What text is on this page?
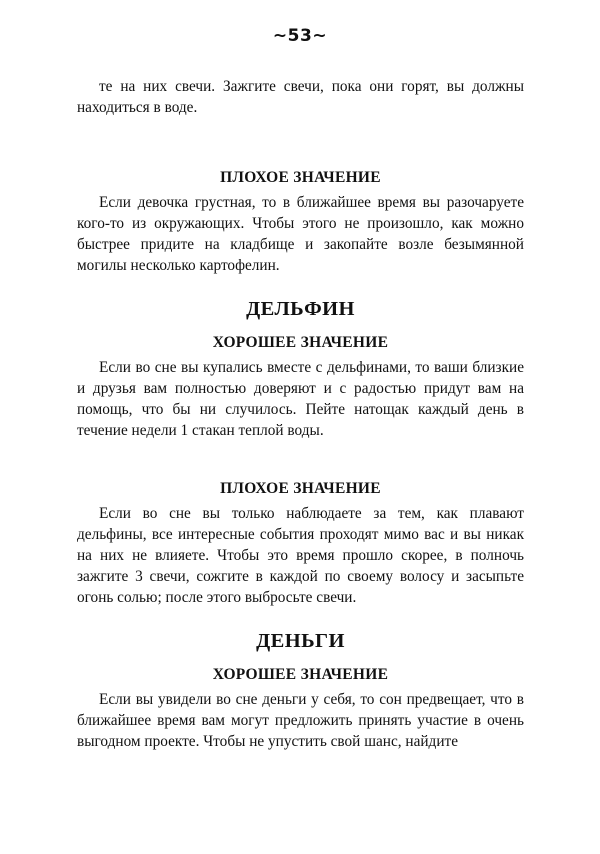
~53~

те на них свечи. Зажгите свечи, пока они горят, вы должны находиться в воде.

ПЛОХОЕ ЗНАЧЕНИЕ

Если девочка грустная, то в ближайшее время вы разочаруете кого-то из окружающих. Чтобы этого не произошло, как можно быстрее придите на кладбище и закопайте возле безымянной могилы несколько картофелин.

ДЕЛЬФИН
ХОРОШЕЕ ЗНАЧЕНИЕ

Если во сне вы купались вместе с дельфинами, то ваши близкие и друзья вам полностью доверяют и с радостью придут вам на помощь, что бы ни случилось. Пейте натощак каждый день в течение недели 1 стакан теплой воды.

ПЛОХОЕ ЗНАЧЕНИЕ

Если во сне вы только наблюдаете за тем, как плавают дельфины, все интересные события проходят мимо вас и вы никак на них не влияете. Чтобы это время прошло скорее, в полночь зажгите 3 свечи, сожгите в каждой по своему волосу и засыпьте огонь солью; после этого выбросьте свечи.

ДЕНЬГИ
ХОРОШЕЕ ЗНАЧЕНИЕ

Если вы увидели во сне деньги у себя, то сон предвещает, что в ближайшее время вам могут предложить принять участие в очень выгодном проекте. Чтобы не упустить свой шанс, найдите
